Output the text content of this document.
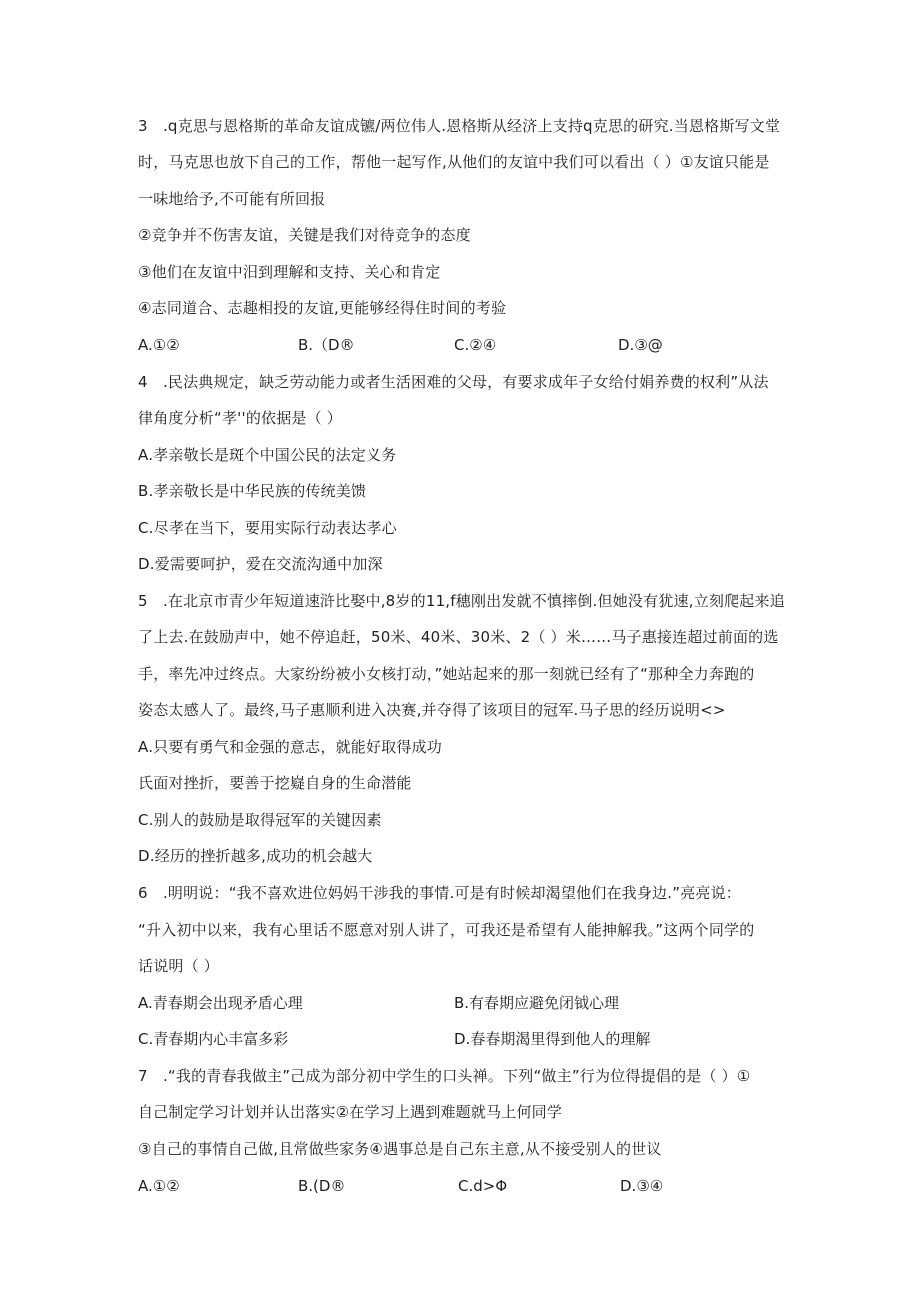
3　.q克思与恩格斯的革命友谊成镳/两位伟人.恩格斯从经济上支持q克思的研究.当恩格斯写文堂
时，马克思也放下自己的工作，帮他一起写作,从他们的友谊中我们可以看出（ ）①友谊只能是
一味地给予,不可能有所回报
②竞争并不伤害友谊，关键是我们对待竞争的态度
③他们在友谊中汨到理解和支持、关心和肯定
④志同道合、志趣相投的友谊,更能够经得住时间的考验
A.①②	B.（D®	C.②④	D.③@
4　.民法典规定，缺乏劳动能力或者生活困难的父母，有要求成年子女给付娟养费的权利”从法
律角度分析“孝''的依据是（ ）
A.孝亲敬长是斑个中国公民的法定义务
B.孝亲敬长是中华民族的传统美馈
C.尽孝在当下，要用实际行动表达孝心
D.爱需要呵护，爱在交流沟通中加深
5　.在北京市青少年短道速浒比娶中,8岁的11,f穗刚出发就不慎摔倒.但她没有犹速,立刻爬起来追
了上去.在鼓励声中，她不停追赶，50米、40米、30米、2（ ）米……马子惠接连超过前面的选
手，率先冲过终点。大家纷纷被小女核打动，”她站起来的那一刻就已经有了“那种全力奔跑的
姿态太感人了。最终,马子惠顺利进入决赛,并夺得了该项目的冠军.马子思的经历说明<>
A.只要有勇气和金强的意志，就能好取得成功
氏面对挫折，要善于挖嶷自身的生命潜能
C.别人的鼓励是取得冠军的关键因素
D.经历的挫折越多,成功的机会越大
6　.明明说：“我不喜欢进位妈妈干涉我的事情.可是有时候却渴望他们在我身边.”亮亮说：
“升入初中以来，我有心里话不愿意对别人讲了，可我还是希望有人能抻解我。”这两个同学的
话说明（ ）
A.青春期会出现矛盾心理	B.有春期应避免闭钺心理
C.青春期内心丰富多彩	D.春春期渴里得到他人的理解
7　.“我的青春我做主”己成为部分初中学生的口头禅。下列“做主”行为位得提倡的是（ ）①
自己制定学习计划并认岀落实②在学习上遇到难题就马上何同学
③自己的事情自己做,且常做些家务④遇事总是自己东主意,从不接受别人的世议
A.①②	B.(D®	C.d>Φ	D.③④
